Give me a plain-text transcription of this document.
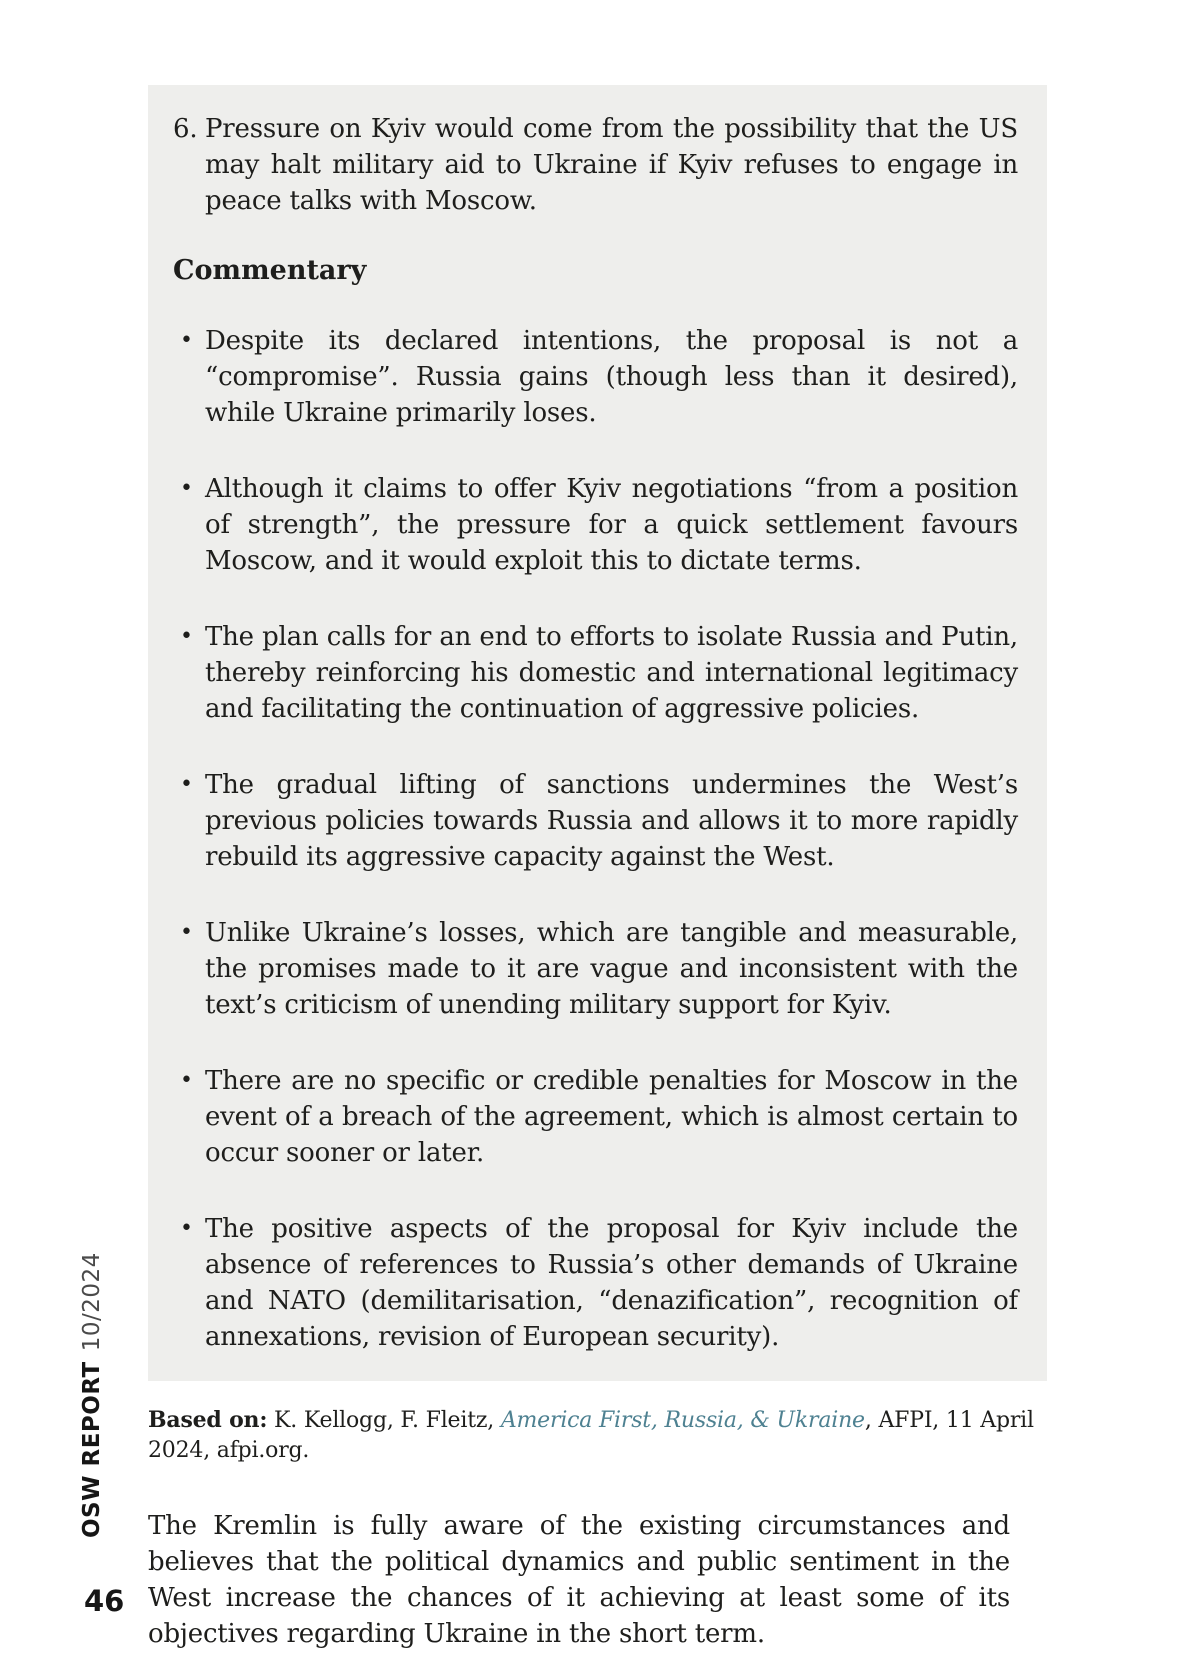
OSW REPORT10/2024
46
6. Pressure on Kyiv would come from the possibility that the US may halt military aid to Ukraine if Kyiv refuses to engage in peace talks with Moscow.

Commentary
• Despite its declared intentions, the proposal is not a “compromise”. Russia gains (though less than it desired), while Ukraine primarily loses.

• Although it claims to offer Kyiv negotiations “from a position of strength”, the pressure for a quick settlement favours Moscow, and it would exploit this to dictate terms.

• The plan calls for an end to efforts to isolate Russia and Putin, thereby reinforcing his domestic and international legitimacy and facilitating the continuation of aggressive policies.

• The gradual lifting of sanctions undermines the West’s previous policies towards Russia and allows it to more rapidly rebuild its aggressive capacity against the West.

• Unlike Ukraine’s losses, which are tangible and measurable, the promises made to it are vague and inconsistent with the text’s criticism of unending military support for Kyiv.

• There are no specific or credible penalties for Moscow in the event of a breach of the agreement, which is almost certain to occur sooner or later.

• The positive aspects of the proposal for Kyiv include the absence of references to Russia’s other demands of Ukraine and NATO (demilitarisation, “denazification”, recognition of annexations, revision of European security).

Based on: K. Kellogg, F. Fleitz, America First, Russia, & Ukraine, AFPI, 11 April 2024, afpi.org.

The Kremlin is fully aware of the existing circumstances and believes that the political dynamics and public sentiment in the West increase the chances of it achieving at least some of its objectives regarding Ukraine in the short term.
